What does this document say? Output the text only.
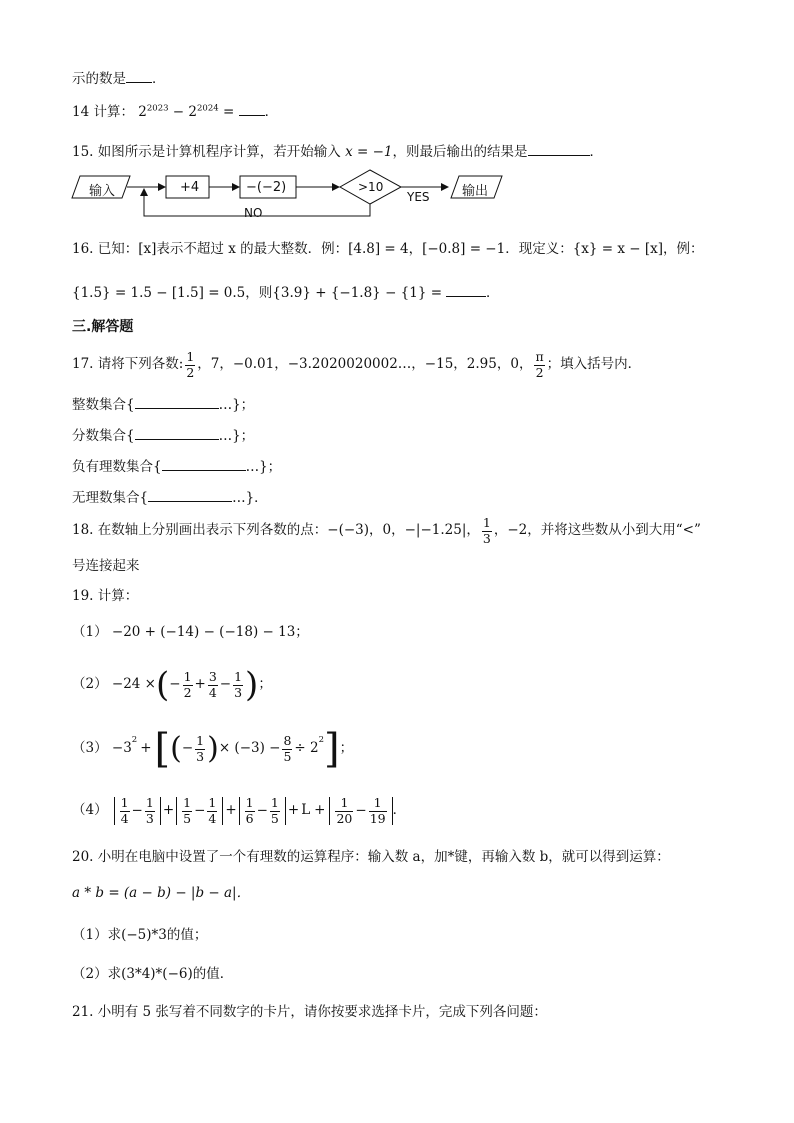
示的数是 ．
14 计算： $2^{2023} - 2^{2024}$ = ．
15. 如图所示是计算机程序计算，若开始输入 x = −1，则最后输出的结果是	．
输入	+4	−(−2)	>10
YES 输出
NO
16. 已知：[x]表示不超过 x 的最大整数．例：[4.8] = 4，[−0.8] = −1．现定义：{x} = x − [x]，例：
{1.5} = 1.5 − [1.5] = 0.5，则{3.9} + {−1.8} − {1} =	．
三.解答题
17. 请将下列各数: $\frac{1}{2}$ ，7，−0.01，−3.2020020002…，−15，2.95，0， $\frac{\pi}{2}$ ；填入括号内．
整数集合{	…}；
分数集合{	…}；
负有理数集合{	…}；
无理数集合{	…}．
18. 在数轴上分别画出表示下列各数的点：−(−3)，0，−|−1.25|， $\frac{1}{3}$ ，−2，并将这些数从小到大用“<”
号连接起来
19. 计算：
（1） −20 + (−14) − (−18) − 13；
（2） −24 × ( − $\frac{1}{2} + \frac{3}{4} - \frac{1}{3}$ ) ；
（3） −3
$^2$
+ [ ( − $\frac{1}{3}$ ) × $(-3) - \frac{8}{5} \div 2$
$^2$ ] ；
$(4) \frac{1}{4} - \frac{1}{3} + \frac{1}{5} - \frac{1}{4} + \frac{1}{6} - \frac{1}{5} + L + \frac{1}{20} - \frac{1}{19}$ ．
20. 小明在电脑中设置了一个有理数的运算程序：输入数 a，加*键，再输入数 b，就可以得到运算：
a * b = (a − b) − |b − a|．
（1）求(−5)*3的值；
（2）求(3*4)*(−6)的值．
21. 小明有 5 张写着不同数字的卡片，请你按要求选择卡片，完成下列各问题：
